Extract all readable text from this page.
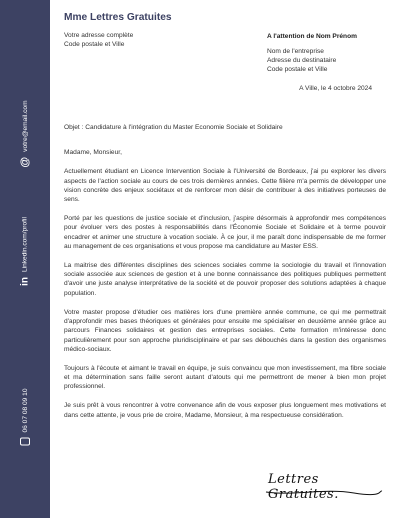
@
votre@email.com
in
Linkedin.com/profil
06 07 08 09 10
Mme Lettres Gratuites
Votre adresse complète
Code postale et Ville
A l'attention de Nom Prénom
Nom de l'entreprise
Adresse du destinataire
Code postale et Ville
A Ville, le 4 octobre 2024
Objet : Candidature à l'intégration du Master Economie Sociale et Solidaire

Madame, Monsieur,

Actuellement étudiant en Licence Intervention Sociale à l'Université de Bordeaux, j'ai pu explorer les divers aspects de l'action sociale au cours de ces trois dernières années. Cette filière m'a permis de développer une vision concrète des enjeux sociétaux et de renforcer mon désir de contribuer à des initiatives porteuses de sens.

Porté par les questions de justice sociale et d'inclusion, j'aspire désormais à approfondir mes compétences pour évoluer vers des postes à responsabilités dans l'Économie Sociale et Solidaire et à terme pouvoir encadrer et animer une structure à vocation sociale. À ce jour, il me paraît donc indispensable de me former au management de ces organisations et vous propose ma candidature au Master ESS.

La maitrise des différentes disciplines des sciences sociales comme la sociologie du travail et l'innovation sociale associée aux sciences de gestion et à une bonne connaissance des politiques publiques permettent d'avoir une juste analyse interprétative de la société et de pouvoir proposer des solutions adaptées à chaque population.

Votre master propose d'étudier ces matières lors d'une première année commune, ce qui me permettrait d'approfondir mes bases théoriques et générales pour ensuite me spécialiser en deuxième année grâce au parcours Finances solidaires et gestion des entreprises sociales. Cette formation m'intéresse donc particulièrement pour son approche pluridisciplinaire et par ses débouchés dans la gestion des organismes médico-sociaux.

Toujours à l'écoute et aimant le travail en équipe, je suis convaincu que mon investissement, ma fibre sociale et ma détermination sans faille seront autant d'atouts qui me permettront de mener à bien mon projet professionnel.

Je suis prêt à vous rencontrer à votre convenance afin de vous exposer plus longuement mes motivations et dans cette attente, je vous prie de croire, Madame, Monsieur, à ma respectueuse considération.

Lettres Gratuites.
